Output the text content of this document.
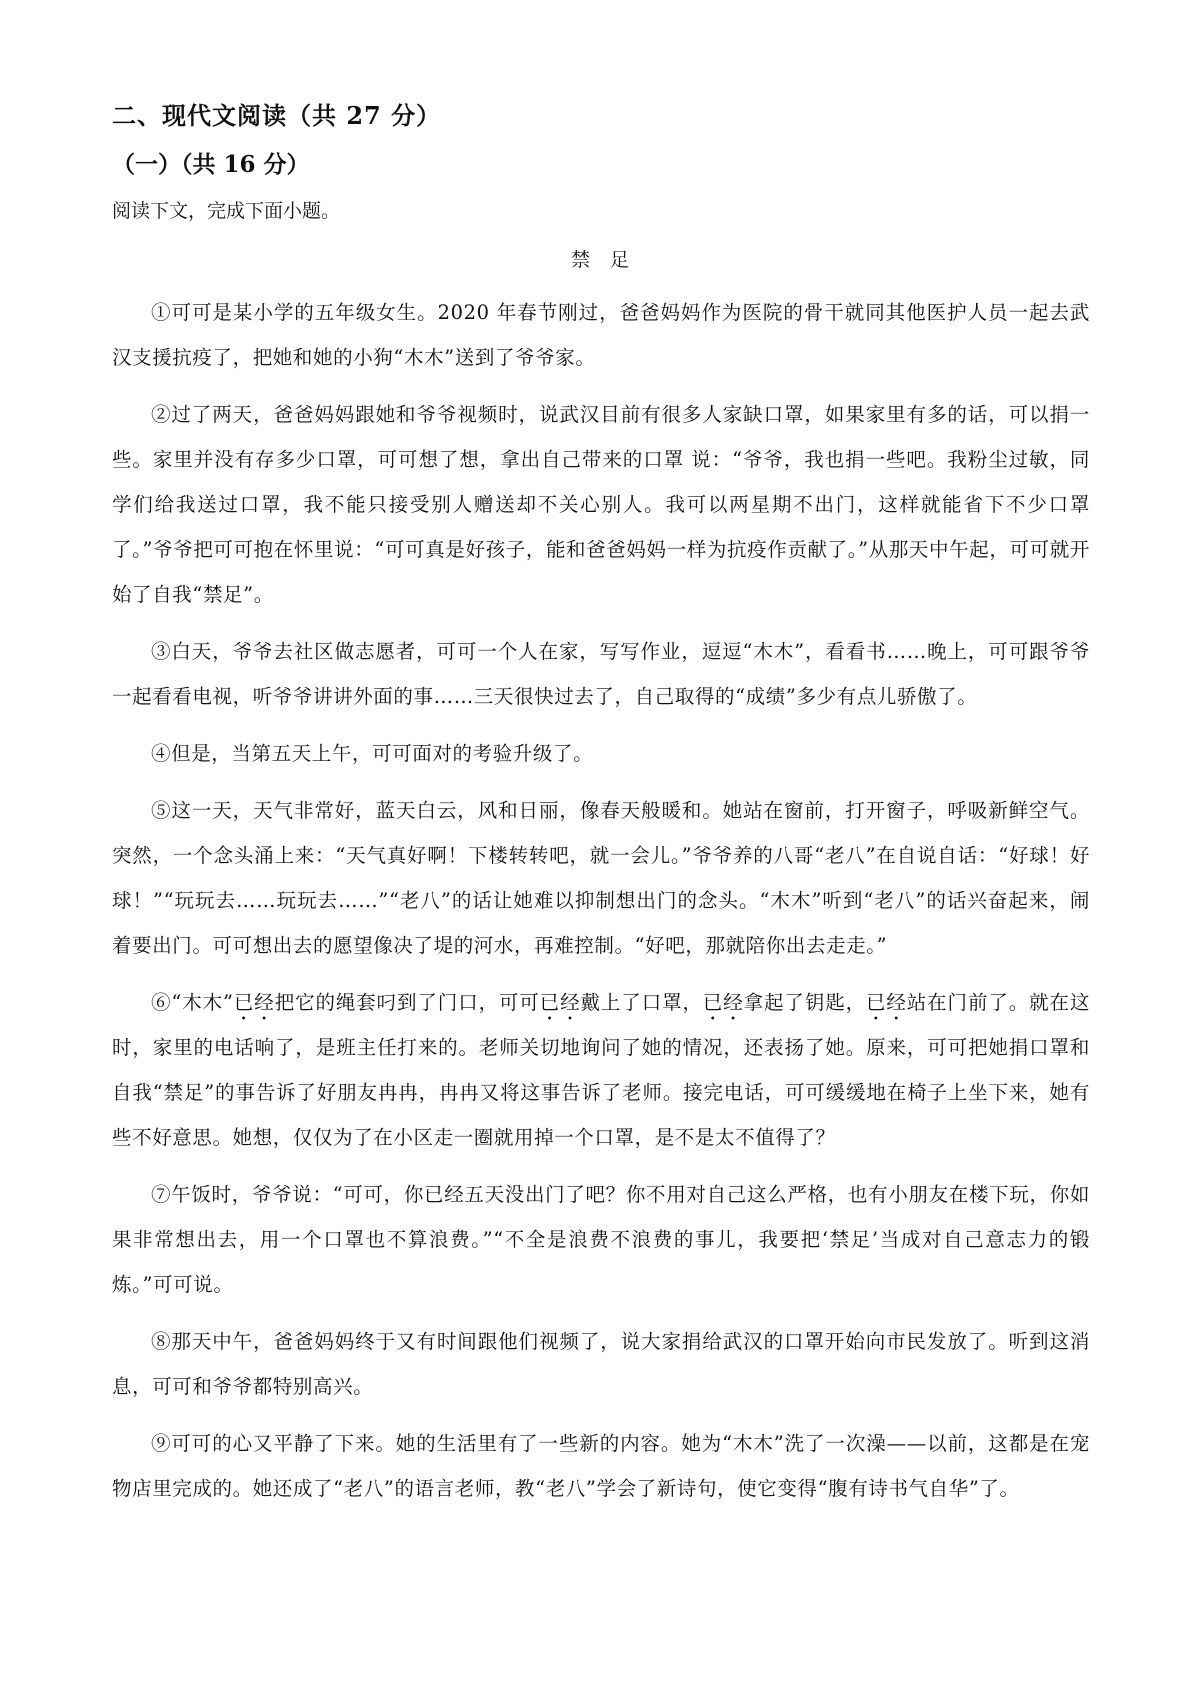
二、现代文阅读（共 27 分）
（一）（共 16 分）
阅读下文，完成下面小题。
禁足

①可可是某小学的五年级女生。2020 年春节刚过，爸爸妈妈作为医院的骨干就同其他医护人员一起去武汉支援抗疫了，把她和她的小狗“木木”送到了爷爷家。

②过了两天，爸爸妈妈跟她和爷爷视频时，说武汉目前有很多人家缺口罩，如果家里有多的话，可以捐一些。家里并没有存多少口罩，可可想了想，拿出自己带来的口罩 说：“爷爷，我也捐一些吧。我粉尘过敏，同学们给我送过口罩，我不能只接受别人赠送却不关心别人。我可以两星期不出门，这样就能省下不少口罩了。”爷爷把可可抱在怀里说：“可可真是好孩子，能和爸爸妈妈一样为抗疫作贡献了。”从那天中午起，可可就开始了自我“禁足”。

③白天，爷爷去社区做志愿者，可可一个人在家，写写作业，逗逗“木木”，看看书……晚上，可可跟爷爷一起看看电视，听爷爷讲讲外面的事……三天很快过去了，自己取得的“成绩”多少有点儿骄傲了。

④但是，当第五天上午，可可面对的考验升级了。

⑤这一天，天气非常好，蓝天白云，风和日丽，像春天般暖和。她站在窗前，打开窗子，呼吸新鲜空气。突然，一个念头涌上来：“天气真好啊！下楼转转吧，就一会儿。”爷爷养的八哥“老八”在自说自话：“好球！好球！”“玩玩去……玩玩去……”“老八”的话让她难以抑制想出门的念头。“木木”听到“老八”的话兴奋起来，闹着要出门。可可想出去的愿望像决了堤的河水，再难控制。“好吧，那就陪你出去走走。”

⑥“木木”已经把它的绳套叼到了门口，可可已经戴上了口罩，已经拿起了钥匙，已经站在门前了。就在这时，家里的电话响了，是班主任打来的。老师关切地询问了她的情况，还表扬了她。原来，可可把她捐口罩和自我“禁足”的事告诉了好朋友冉冉，冉冉又将这事告诉了老师。接完电话，可可缓缓地在椅子上坐下来，她有些不好意思。她想，仅仅为了在小区走一圈就用掉一个口罩，是不是太不值得了？

⑦午饭时，爷爷说：“可可，你已经五天没出门了吧？你不用对自己这么严格，也有小朋友在楼下玩，你如果非常想出去，用一个口罩也不算浪费。”“不全是浪费不浪费的事儿，我要把‘禁足’当成对自己意志力的锻炼。”可可说。

⑧那天中午，爸爸妈妈终于又有时间跟他们视频了，说大家捐给武汉的口罩开始向市民发放了。听到这消息，可可和爷爷都特别高兴。

⑨可可的心又平静了下来。她的生活里有了一些新的内容。她为“木木”洗了一次澡——以前，这都是在宠物店里完成的。她还成了“老八”的语言老师，教“老八”学会了新诗句，使它变得“腹有诗书气自华”了。
